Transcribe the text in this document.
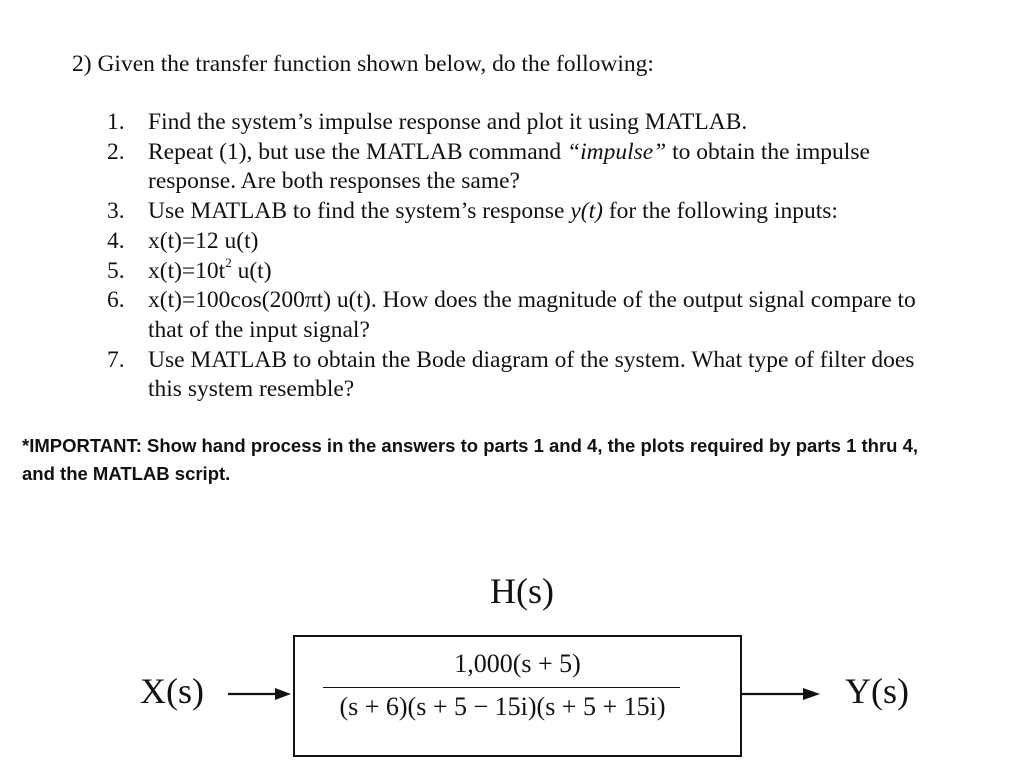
2) Given the transfer function shown below, do the following:

1. Find the system’s impulse response and plot it using MATLAB.
2. Repeat (1), but use the MATLAB command “impulse” to obtain the impulse
response. Are both responses the same?
3. Use MATLAB to find the system’s response y(t) for the following inputs:
4. x(t)=12 u(t)
5. $x(t)=10t^2$ u(t)
6. x(t)=100cos(200πt) u(t). How does the magnitude of the output signal compare to
that of the input signal?
7. Use MATLAB to obtain the Bode diagram of the system. What type of filter does
this system resemble?
*IMPORTANT: Show hand process in the answers to parts 1 and 4, the plots required by parts 1 thru 4,
and the MATLAB script.
H(s)
X(s)	Y(s)
1,000(s + 5)
(s + 6)(s + 5 − 15i)(s + 5 + 15i)
